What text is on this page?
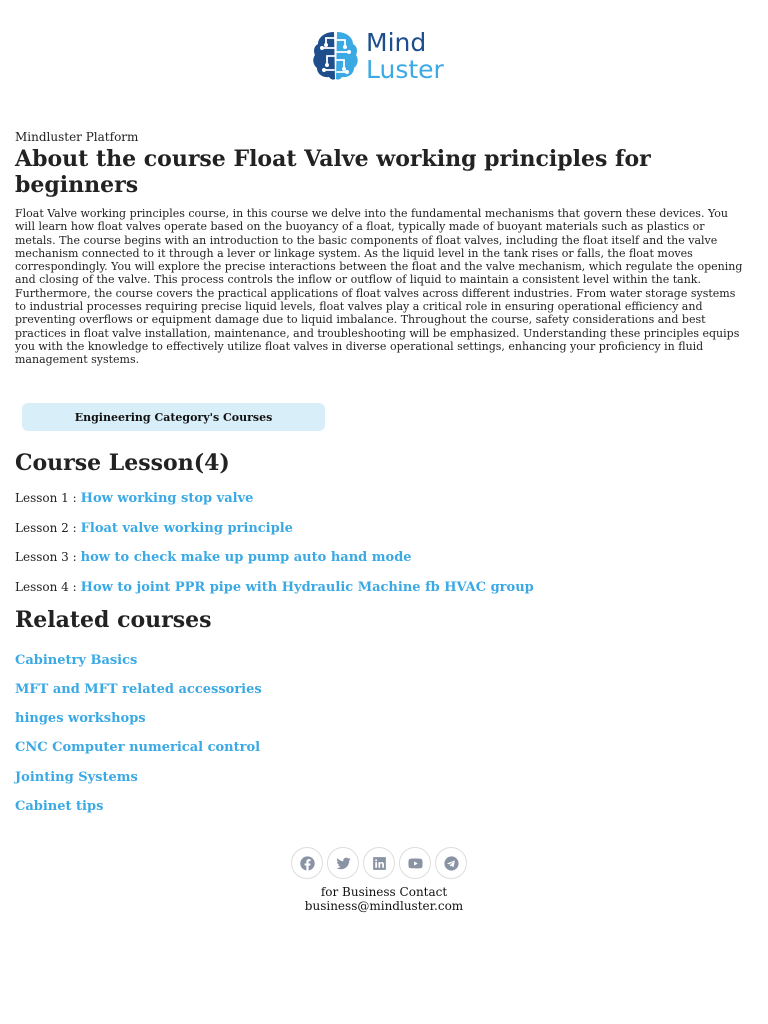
Mind
Luster

Mindluster Platform

About the course Float Valve working principles for beginners

Float Valve working principles course, in this course we delve into the fundamental mechanisms that govern these devices. You will learn how float valves operate based on the buoyancy of a float, typically made of buoyant materials such as plastics or metals. The course begins with an introduction to the basic components of float valves, including the float itself and the valve mechanism connected to it through a lever or linkage system. As the liquid level in the tank rises or falls, the float moves correspondingly. You will explore the precise interactions between the float and the valve mechanism, which regulate the opening and closing of the valve. This process controls the inflow or outflow of liquid to maintain a consistent level within the tank. Furthermore, the course covers the practical applications of float valves across different industries. From water storage systems to industrial processes requiring precise liquid levels, float valves play a critical role in ensuring operational efficiency and preventing overflows or equipment damage due to liquid imbalance. Throughout the course, safety considerations and best practices in float valve installation, maintenance, and troubleshooting will be emphasized. Understanding these principles equips you with the knowledge to effectively utilize float valves in diverse operational settings, enhancing your proficiency in fluid management systems.

Engineering Category's Courses
Course Lesson(4)
Lesson 1 : How working stop valve
Lesson 2 : Float valve working principle
Lesson 3 : how to check make up pump auto hand mode
Lesson 4 : How to joint PPR pipe with Hydraulic Machine fb HVAC group
Related courses
Cabinetry Basics
MFT and MFT related accessories
hinges workshops
CNC Computer numerical control
Jointing Systems
Cabinet tips
for Business Contact
business@mindluster.com
